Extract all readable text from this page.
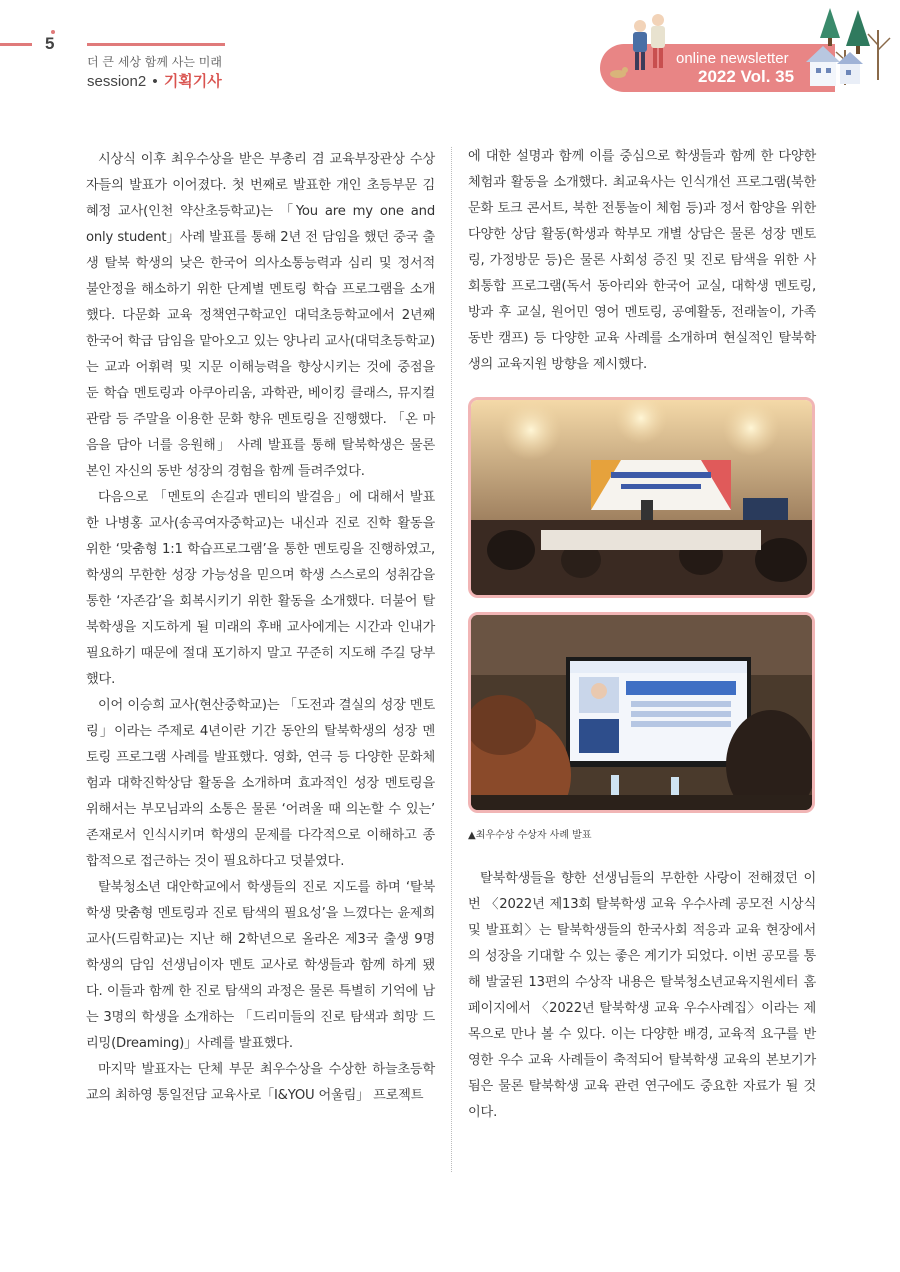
5
더 큰 세상 함께 사는 미래
session2 • 기획기사
online newsletter
2022 Vol. 35

시상식 이후 최우수상을 받은 부총리 겸 교육부장관상 수상자들의 발표가 이어졌다. 첫 번째로 발표한 개인 초등부문 김혜정 교사(인천 약산초등학교)는 「You are my one and only student」사례 발표를 통해 2년 전 담임을 했던 중국 출생 탈북 학생의 낮은 한국어 의사소통능력과 심리 및 정서적 불안정을 해소하기 위한 단계별 멘토링 학습 프로그램을 소개했다. 다문화 교육 정책연구학교인 대덕초등학교에서 2년째 한국어 학급 담임을 맡아오고 있는 양나리 교사(대덕초등학교)는 교과 어휘력 및 지문 이해능력을 향상시키는 것에 중점을 둔 학습 멘토링과 아쿠아리움, 과학관, 베이킹 클래스, 뮤지컬 관람 등 주말을 이용한 문화 향유 멘토링을 진행했다. 「온 마음을 담아 너를 응원해」 사례 발표를 통해 탈북학생은 물론 본인 자신의 동반 성장의 경험을 함께 들려주었다.

다음으로 「멘토의 손길과 멘티의 발걸음」에 대해서 발표한 나병홍 교사(송곡여자중학교)는 내신과 진로 진학 활동을 위한 ‘맞춤형 1:1 학습프로그램’을 통한 멘토링을 진행하였고, 학생의 무한한 성장 가능성을 믿으며 학생 스스로의 성취감을 통한 ‘자존감’을 회복시키기 위한 활동을 소개했다. 더불어 탈북학생을 지도하게 될 미래의 후배 교사에게는 시간과 인내가 필요하기 때문에 절대 포기하지 말고 꾸준히 지도해 주길 당부했다.

이어 이승희 교사(현산중학교)는 「도전과 결실의 성장 멘토링」이라는 주제로 4년이란 기간 동안의 탈북학생의 성장 멘토링 프로그램 사례를 발표했다. 영화, 연극 등 다양한 문화체험과 대학진학상담 활동을 소개하며 효과적인 성장 멘토링을 위해서는 부모님과의 소통은 물론 ‘어려울 때 의논할 수 있는’ 존재로서 인식시키며 학생의 문제를 다각적으로 이해하고 종합적으로 접근하는 것이 필요하다고 덧붙였다.

탈북청소년 대안학교에서 학생들의 진로 지도를 하며 ‘탈북학생 맞춤형 멘토링과 진로 탐색의 필요성’을 느꼈다는 윤제희 교사(드림학교)는 지난 해 2학년으로 올라온 제3국 출생 9명 학생의 담임 선생님이자 멘토 교사로 학생들과 함께 하게 됐다. 이들과 함께 한 진로 탐색의 과정은 물론 특별히 기억에 남는 3명의 학생을 소개하는 「드리미들의 진로 탐색과 희망 드리밍(Dreaming)」사례를 발표했다.

마지막 발표자는 단체 부문 최우수상을 수상한 하늘초등학교의 최하영 통일전담 교육사로「I&YOU 어울림」 프로젝트

에 대한 설명과 함께 이를 중심으로 학생들과 함께 한 다양한 체험과 활동을 소개했다. 최교육사는 인식개선 프로그램(북한문화 토크 콘서트, 북한 전통놀이 체험 등)과 정서 함양을 위한 다양한 상담 활동(학생과 학부모 개별 상담은 물론 성장 멘토링, 가정방문 등)은 물론 사회성 증진 및 진로 탐색을 위한 사회통합 프로그램(독서 동아리와 한국어 교실, 대학생 멘토링, 방과 후 교실, 원어민 영어 멘토링, 공예활동, 전래놀이, 가족 동반 캠프) 등 다양한 교육 사례를 소개하며 현실적인 탈북학생의 교육지원 방향을 제시했다.

▲최우수상 수상자 사례 발표

탈북학생들을 향한 선생님들의 무한한 사랑이 전해졌던 이번 〈2022년 제13회 탈북학생 교육 우수사례 공모전 시상식 및 발표회〉는 탈북학생들의 한국사회 적응과 교육 현장에서의 성장을 기대할 수 있는 좋은 계기가 되었다. 이번 공모를 통해 발굴된 13편의 수상작 내용은 탈북청소년교육지원세터 홈페이지에서 〈2022년 탈북학생 교육 우수사례집〉이라는 제목으로 만나 볼 수 있다. 이는 다양한 배경, 교육적 요구를 반영한 우수 교육 사례들이 축적되어 탈북학생 교육의 본보기가 됨은 물론 탈북학생 교육 관련 연구에도 중요한 자료가 될 것이다.
